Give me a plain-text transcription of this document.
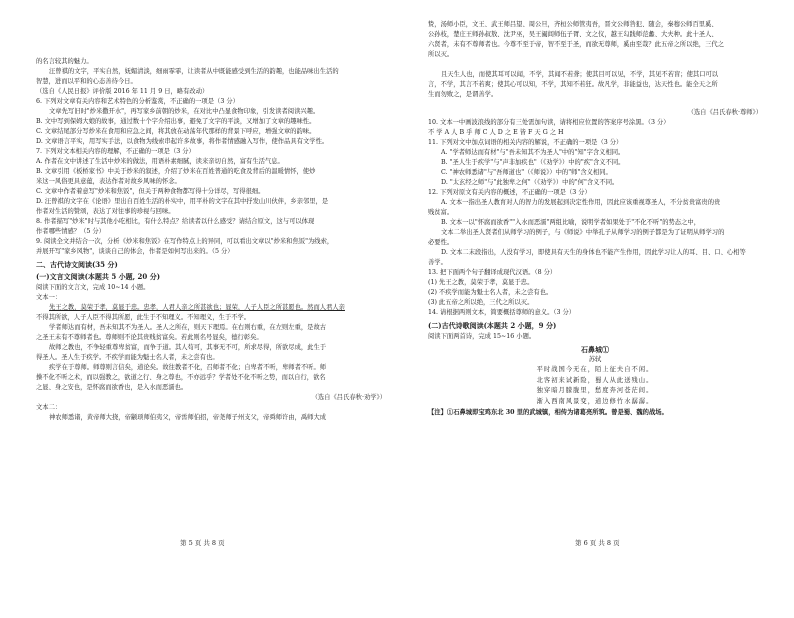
的名言较其的魅力。

汪曾祺的文字，平实自然，妩媚清淡，细雨霏霏，让读者从中既能感受到生活的韵趣，也能品味出生活的

智慧，进而以平和的心态善待今日。

（选自《人民日报》评价版 2016 年 11 月 9 日，略有改动）

6. 下列对文章有关内容和艺术特色的分析鉴赏，不正确的一项是（3 分）

文章先写旧时"炒米撒开水"，再写家乡前朝的炒米，在对比中凸显食物印象，引发读者阅读兴趣。

B. 文中写到保姆大娘的故事，通过数十个字介绍出事，避免了文字的平淡，又增加了文章的趣味性。

C. 文章结尾部分写炒米在食用和应急之间，将其放在动荡年代那样的背景下呼应，增强文章的韵味。

D. 文章语言平实，用写实手法，以食物为线索串起许多故事，将作者情感融入写作，使作品具有文学性。

7. 下列对文本相关内容的理解，不正确的一项是（3 分）

A. 作者在文中讲述了生活中炒米的做法，用语朴素细腻，读来亲切自然，富有生活气息。

B. 文章引用《板桥家书》中关于炒米的叙述，介绍了炒米在百姓普通的吃食及背后的温暖情怀，使炒

米这一风俗更具意蕴，表达作者对故乡风味的怀念。

C. 文章中作者着意写"炒米和焦饭"，但关于两种食物都写得十分详尽，写得很细。

D. 汪曾祺的文字在《论语》里出自百姓生活的朴实中，用平朴的文字在其中抒发山川伙伴，乡亲邻里，是

作者对生活的赞颂，表达了对往事的珍视与回味。

8. 作者描写"炒米"时与其他小吃相比，有什么特点？给读者以什么感受？请结合原文，这与可以体现

作者哪些情感？（5 分）

9. 阅读全文并结合一次，分析《炒米和焦饭》在写作特点上的异同，可以看出文章以"炒米和焦饭"为线索，

并展开写"家乡风物"，谈谈自己的体会，作者是如何写出来的。（5 分）

二、古代诗文阅读(35 分)

(一)文言文阅读(本题共 5 小题, 20 分)

阅读下面的文言文，完成 10~14 小题。

文本一：

先王之教，莫荣于孝，莫显于忠。忠孝，人君人亲之所甚欲也；显荣，人子人臣之所甚愿也。然而人君人亲

不得其所欲，人子人臣不得其所愿，此生于不知理义。不知理义，生于不学。

学者师达而有材，吾未知其不为圣人。圣人之所在，则天下理焉。在右则右重，在左则左重，是故古

之圣王未有不尊师者也。尊师则不论其贵贱贫富矣。若此则名号显矣，德行彰矣。

故师之教也，不争轻重尊卑贫富，而争于道。其人苟可，其事无不可，所求尽得，所欲尽成，此生于

得圣人。圣人生于疾学。不疾学而能为魁士名人者，未之尝有也。

疾学在于尊师。师尊则言信矣，道论矣。故往教者不化，召师者不化；自卑者不听，卑师者不听。师

操不化不听之术，而以强教之，欲道之行、身之尊也，不亦远乎？学者处不化不听之势，而以自行，欲名

之显、身之安也，是怀腐而欲香也，是入水而恶濡也。

（选自《吕氏春秋·劝学》）

文本二：

神农师悉诸，黄帝师大挠，帝颛顼师伯夷父，帝喾师伯招，帝尧师子州支父，帝舜师许由，禹师大成

第 5 页 共 8 页

贽，汤师小臣，文王、武王师吕望、周公旦，齐桓公师管夷吾，晋文公师咎犯、随会，秦穆公师百里奚、

公孙枝，楚庄王师孙叔敖、沈尹巫，吴王阖闾师伍子胥、文之仪，越王勾践师范蠡、大夫种。此十圣人、

六贤者，未有不尊师者也。今尊不至于帝，智不至于圣，而欲无尊师，奚由至哉？此五帝之所以绝，三代之

所以灭。

且天生人也，而使其耳可以闻，不学，其闻不若聋；使其目可以见，不学，其见不若盲；使其口可以

言，不学，其言不若爽；使其心可以知，不学，其知不若狂。故凡学，非能益也，达天性也。能全天之所

生而勿败之，是谓善学。

（选自《吕氏春秋·尊师》）

10. 文本一中画波浪线的部分有三处需加句读，请将相应位置的答案序号涂黑。（3 分）

不 学 A 人 B 乎 师 C 人 D 之 E 皆 F 天 G 之 H

11. 下列对文中加点词语的相关内容的解说，不正确的一项是（3 分）

A. "学者师达而有材"与"吾未知其不为圣人"中的"知"字含义相同。

B. "圣人生于疾学"与"声非加疾也"（《劝学》）中的"疾"含义不同。

C. "神农师悉诸"与"吾师道也"（《师说》）中的"师"含义相同。

D. "太玄经之师"与"此独卑之何"（《劝学》）中的"何"含义不同。

12. 下列对原文有关内容的概述，不正确的一项是（3 分）

A. 文本一指出圣人教育对人的智力的发展起到决定性作用，因此应该重视尊圣人，不分贫贵富贵的贵

贱贫富。

B. 文本一以"怀腐而欲香""入水而恶濡"两组比喻，说明学者如果处于"不化不听"的势态之中，

文本二举出圣人贤者们从师学习的例子，与《师说》中举孔子从师学习的例子都是为了证明从师学习的

必要性。

D. 文本二末段指出，人没有学习，即使具有天生的身体也不能产生作用，因此学习让人的耳、目、口、心相等

善学。

13. 把下面两个句子翻译成现代汉语。（8 分）

(1) 先王之教，莫荣于孝，莫显于忠。

(2) 不疾学而能为魁士名人者，未之尝有也。

(3) 此五帝之所以绝，三代之所以灭。

14. 请根据两则文本，简要概括尊师的意义。（3 分）

(二)古代诗歌阅读(本题共 2 小题，9 分)

阅读下面两首诗，完成 15~16 小题。

石鼻城①

苏轼

平时战国今无在，陌上征夫自不闲。

北客初来试新险，蜀人从此送残山。

独穿暗月朦胧里，愁度奔河苍茫间。

渐入西南风景变，道边修竹水潺潺。

【注】①石鼻城即宝鸡东北 30 里的武城镇，相传为诸葛亮所筑。曾是蜀、魏的战场。

第 6 页 共 8 页
